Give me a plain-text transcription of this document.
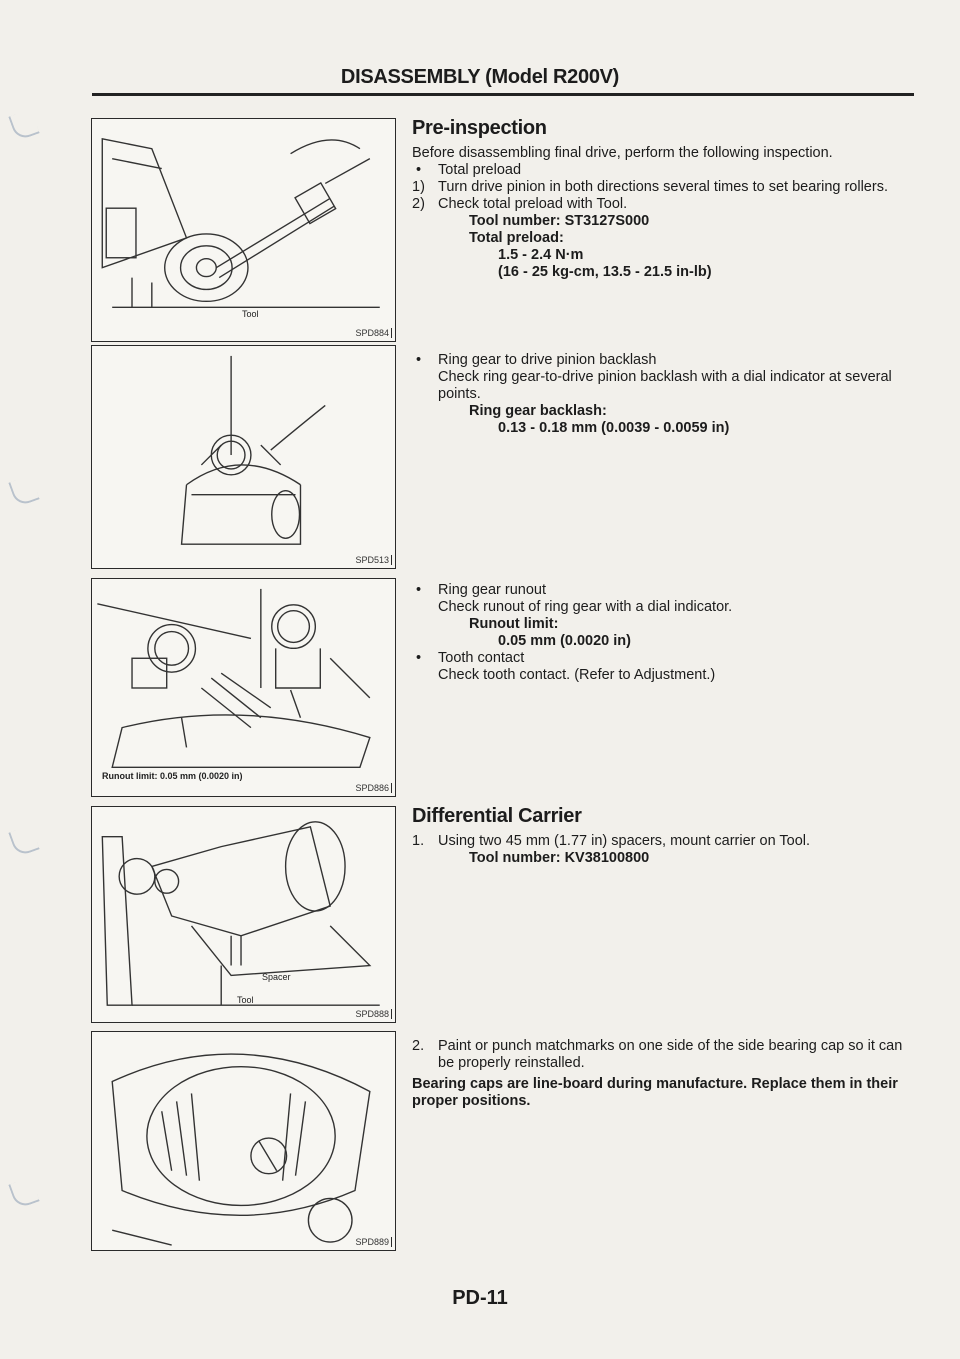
DISASSEMBLY (Model R200V)
Tool
SPD884
SPD513
Runout limit: 0.05 mm (0.0020 in)
SPD886
Spacer
Tool
SPD888
SPD889
Pre-inspection

Before disassembling final drive, perform the following inspection.

•	Total preload
1) Turn drive pinion in both directions several times to set bearing rollers.
2) Check total preload with Tool.
Tool number: ST3127S000
Total preload:
1.5 - 2.4 N·m
(16 - 25 kg-cm, 13.5 - 21.5 in-lb)
•	Ring gear to drive pinion backlash
Check ring gear-to-drive pinion backlash with a dial indicator at several points.
Ring gear backlash:
0.13 - 0.18 mm (0.0039 - 0.0059 in)
•	Ring gear runout
Check runout of ring gear with a dial indicator.
Runout limit:
0.05 mm (0.0020 in)
•	Tooth contact
Check tooth contact. (Refer to Adjustment.)
Differential Carrier
1. Using two 45 mm (1.77 in) spacers, mount carrier on Tool.
Tool number: KV38100800
2. Paint or punch matchmarks on one side of the side bearing cap so it can be properly reinstalled.

Bearing caps are line-board during manufacture. Replace them in their proper positions.

PD-11
